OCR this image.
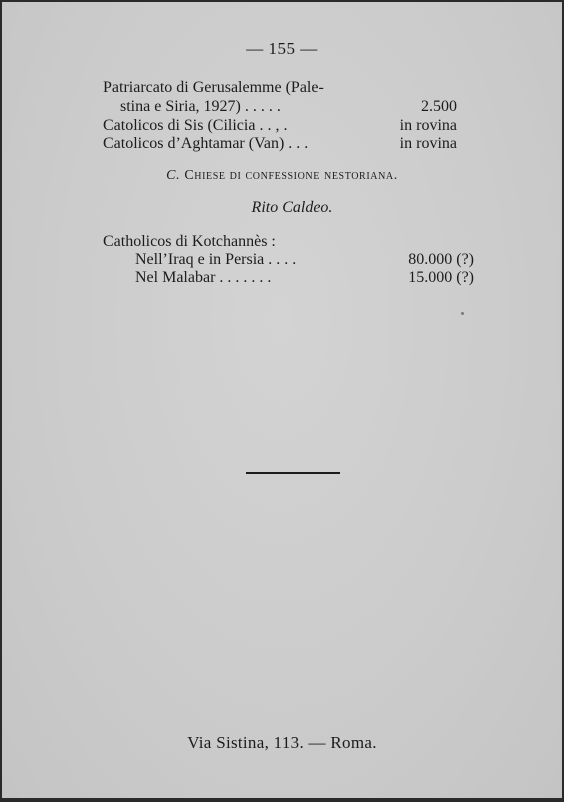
— 155 —
Patriarcato di Gerusalemme (Pale-
stina e Siria, 1927) . . . . .	2.500
Catolicos di Sis (Cilicia . . , .	in rovina
Catolicos d’Aghtamar (Van) . . .	in rovina
C. Chiese di confessione nestoriana.
Rito Caldeo.
Catholicos di Kotchannès :
Nell’Iraq e in Persia . . . .	80.000 (?)
Nel Malabar . . . . . . .	15.000 (?)
Via Sistina, 113. — Roma.
